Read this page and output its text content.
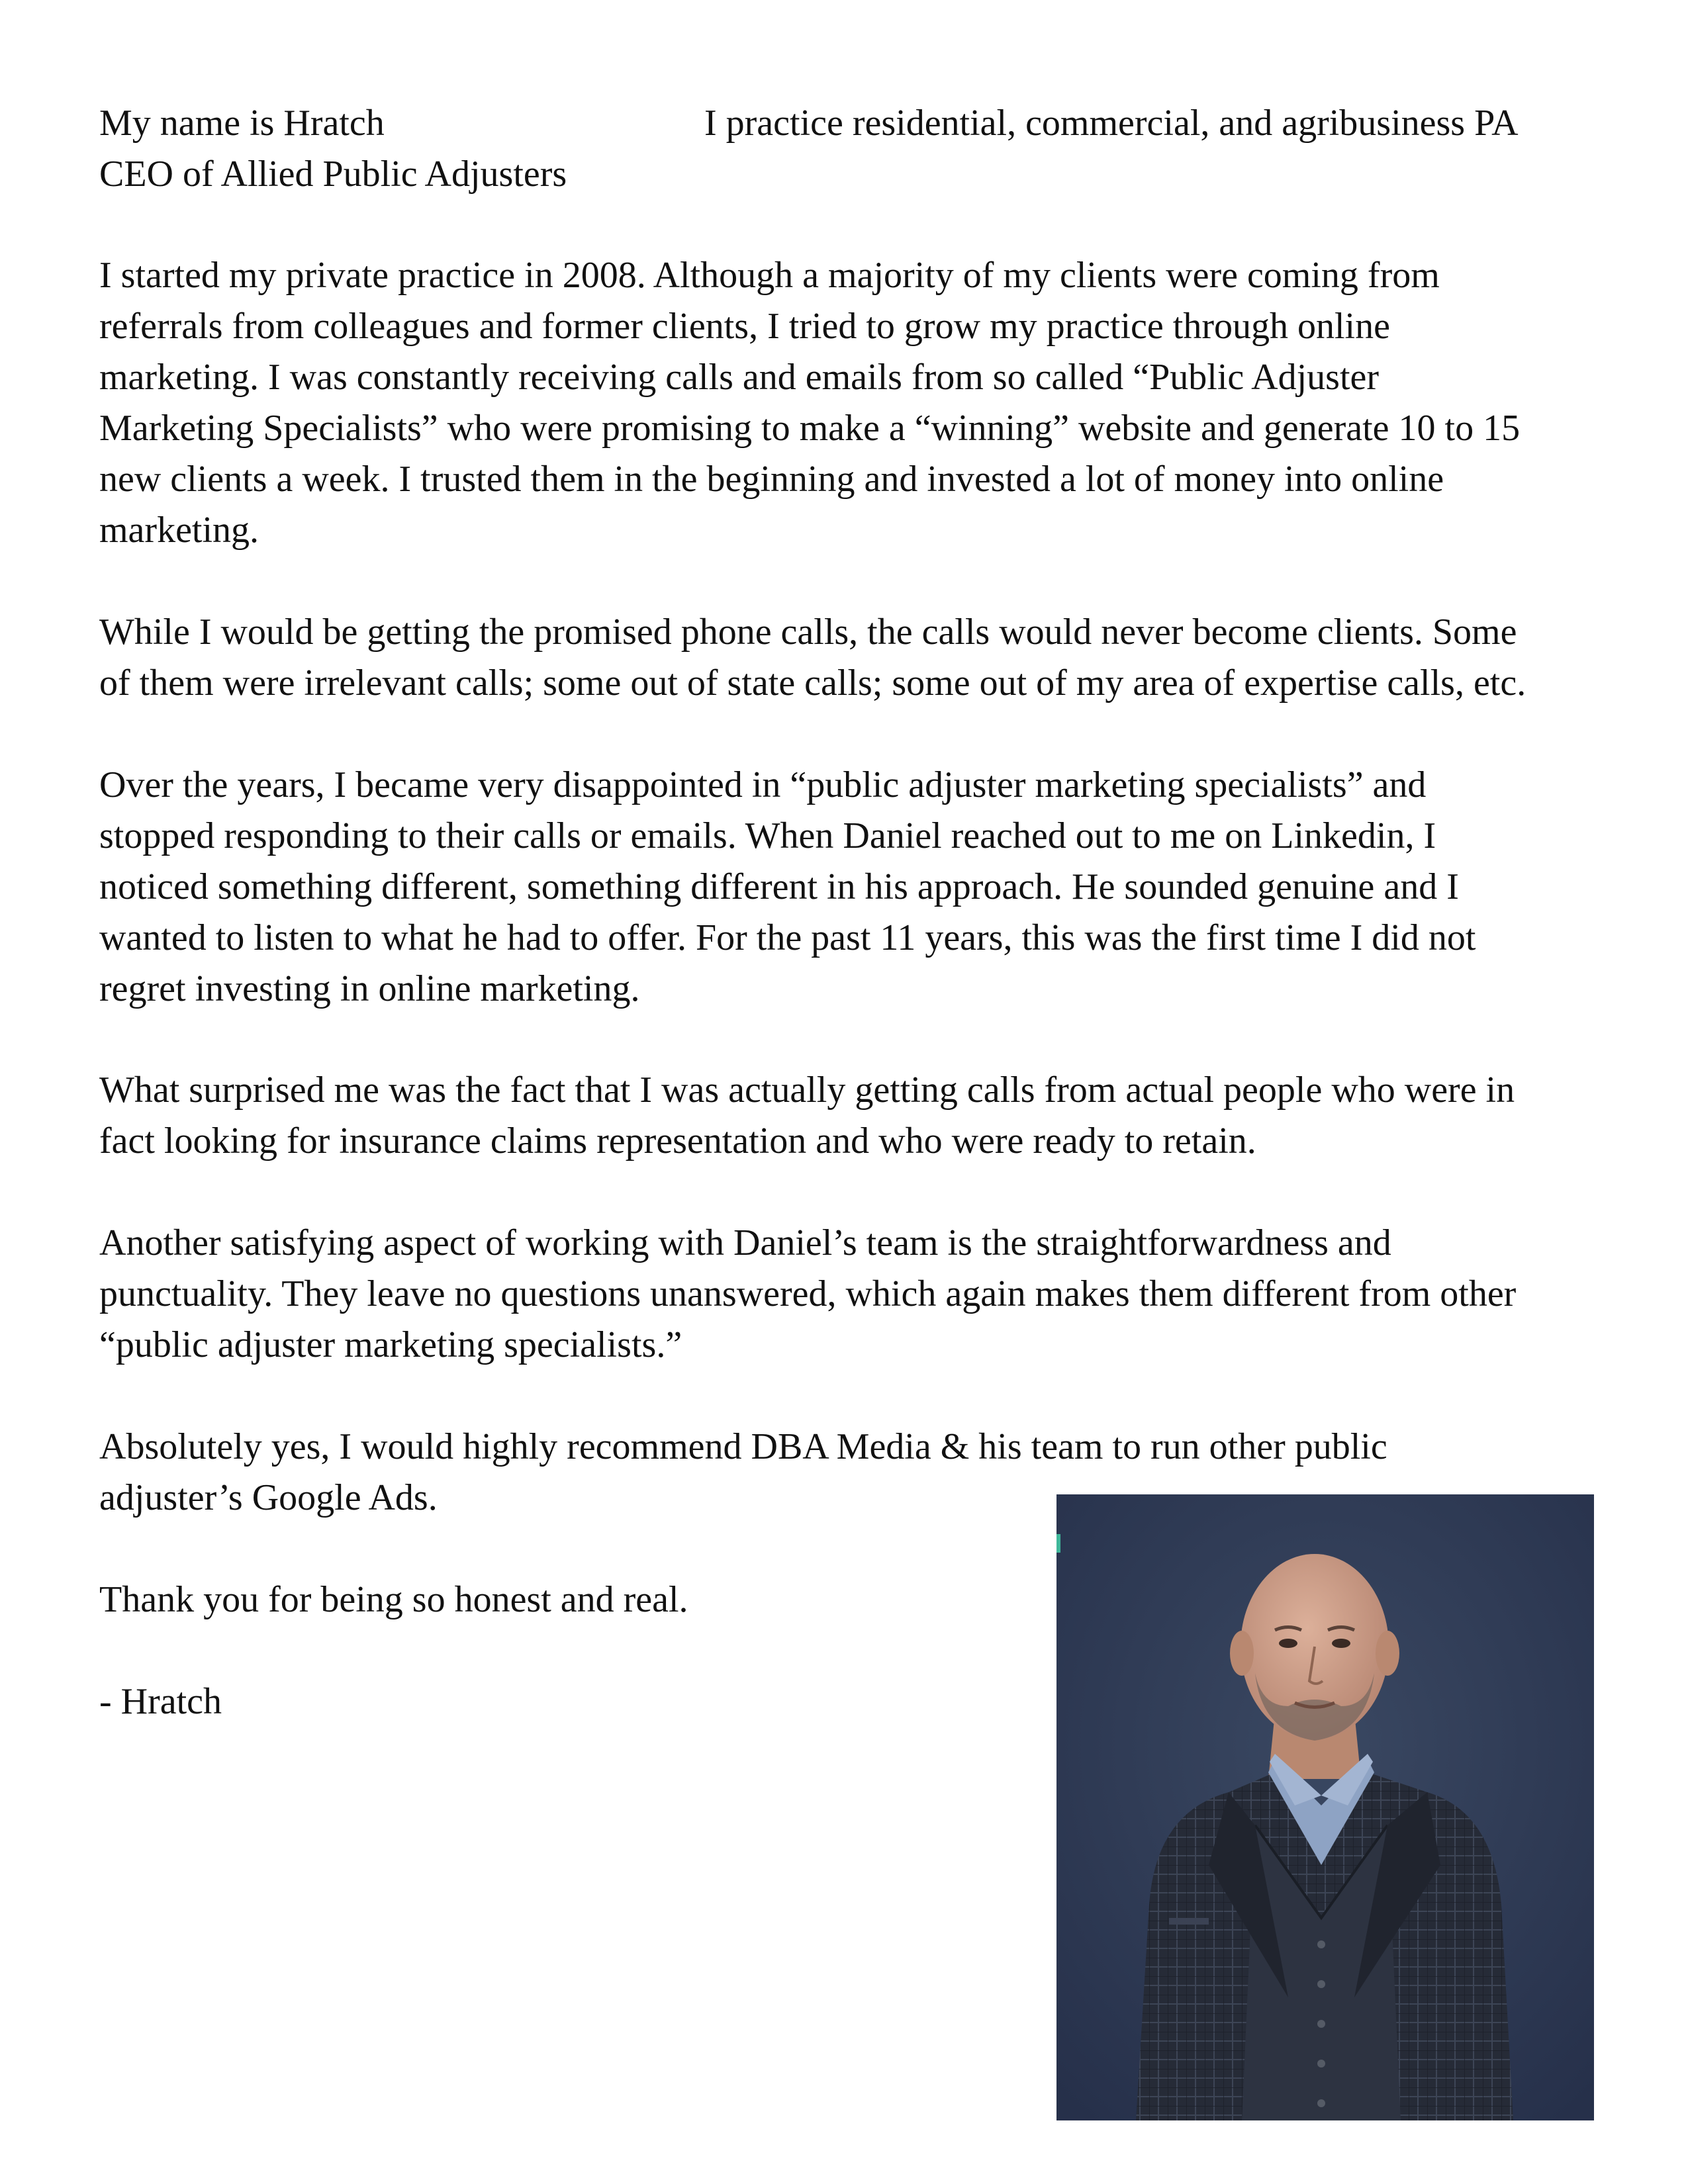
My name is Hratch
CEO of Allied Public Adjusters
I practice residential, commercial, and agribusiness PA
I started my private practice in 2008. Although a majority of my clients were coming from
referrals from colleagues and former clients, I tried to grow my practice through online
marketing. I was constantly receiving calls and emails from so called “Public Adjuster
Marketing Specialists” who were promising to make a “winning” website and generate 10 to 15
new clients a week. I trusted them in the beginning and invested a lot of money into online
marketing.
While I would be getting the promised phone calls, the calls would never become clients. Some
of them were irrelevant calls; some out of state calls; some out of my area of expertise calls, etc.
Over the years, I became very disappointed in “public adjuster marketing specialists” and
stopped responding to their calls or emails. When Daniel reached out to me on Linkedin, I
noticed something different, something different in his approach. He sounded genuine and I
wanted to listen to what he had to offer. For the past 11 years, this was the first time I did not
regret investing in online marketing.
What surprised me was the fact that I was actually getting calls from actual people who were in
fact looking for insurance claims representation and who were ready to retain.
Another satisfying aspect of working with Daniel’s team is the straightforwardness and
punctuality. They leave no questions unanswered, which again makes them different from other
“public adjuster marketing specialists.”
Absolutely yes, I would highly recommend DBA Media & his team to run other public
adjuster’s Google Ads.
Thank you for being so honest and real.
- Hratch
